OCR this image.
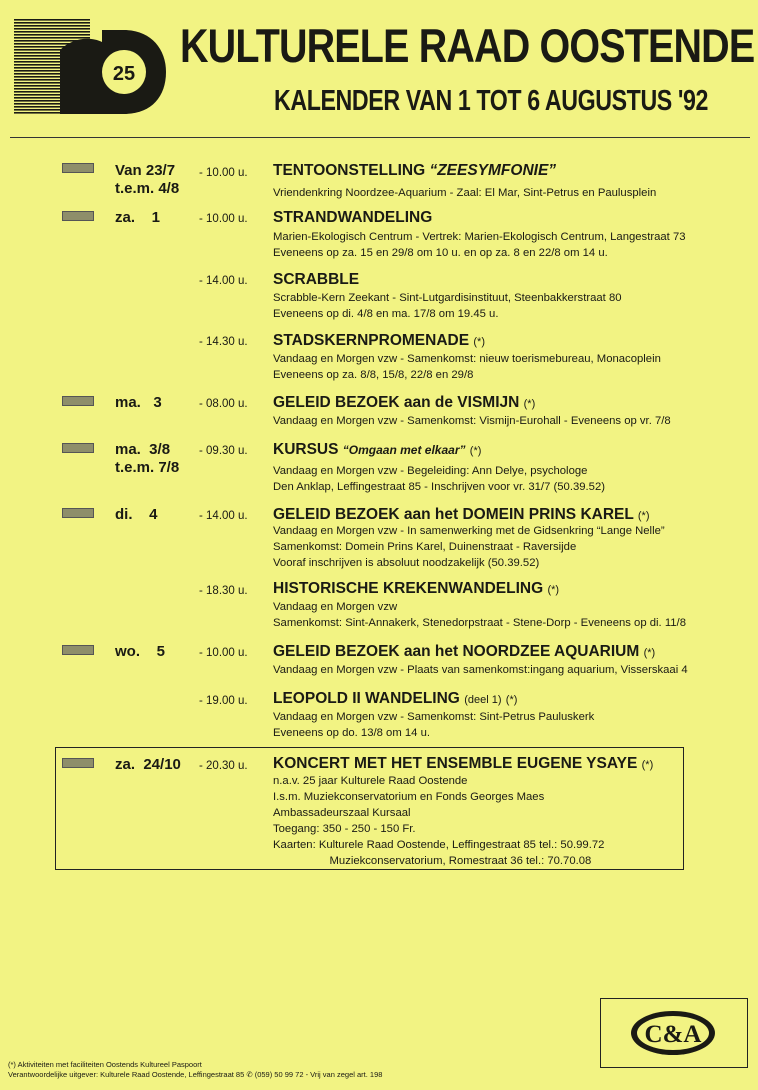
25
KULTURELE RAAD OOSTENDE
KALENDER VAN 1 TOT 6 AUGUSTUS '92
Van 23/7
t.e.m. 4/8
- 10.00 u. TENTOONSTELLING “ZEESYMFONIE”
Vriendenkring Noordzee-Aquarium - Zaal: El Mar, Sint-Petrus en Paulusplein
za.    1	- 10.00 u. STRANDWANDELING
Marien-Ekologisch Centrum - Vertrek: Marien-Ekologisch Centrum, Langestraat 73
Eveneens op za. 15 en 29/8 om 10 u. en op za. 8 en 22/8 om 14 u.
- 14.00 u. SCRABBLE
Scrabble-Kern Zeekant - Sint-Lutgardisinstituut, Steenbakkerstraat 80
Eveneens op di. 4/8 en ma. 17/8 om 19.45 u.
- 14.30 u. STADSKERNPROMENADE (*)
Vandaag en Morgen vzw - Samenkomst: nieuw toerismebureau, Monacoplein
Eveneens op za. 8/8, 15/8, 22/8 en 29/8
ma.   3	- 08.00 u. GELEID BEZOEK aan de VISMIJN (*)
Vandaag en Morgen vzw - Samenkomst: Vismijn-Eurohall - Eveneens op vr. 7/8
ma.  3/8
t.e.m. 7/8
- 09.30 u. KURSUS “Omgaan met elkaar” (*)
Vandaag en Morgen vzw - Begeleiding: Ann Delye, psychologe
Den Anklap, Leffingestraat 85 - Inschrijven voor vr. 31/7 (50.39.52)
di.    4	- 14.00 u. GELEID BEZOEK aan het DOMEIN PRINS KAREL (*)
Vandaag en Morgen vzw - In samenwerking met de Gidsenkring “Lange Nelle”
Samenkomst: Domein Prins Karel, Duinenstraat - Raversijde
Vooraf inschrijven is absoluut noodzakelijk (50.39.52)
- 18.30 u. HISTORISCHE KREKENWANDELING (*)
Vandaag en Morgen vzw
Samenkomst: Sint-Annakerk, Stenedorpstraat - Stene-Dorp - Eveneens op di. 11/8
wo.    5	- 10.00 u. GELEID BEZOEK aan het NOORDZEE AQUARIUM (*)
Vandaag en Morgen vzw - Plaats van samenkomst:ingang aquarium, Visserskaai 4
- 19.00 u. LEOPOLD II WANDELING (deel 1) (*)
Vandaag en Morgen vzw - Samenkomst: Sint-Petrus Pauluskerk
Eveneens op do. 13/8 om 14 u.
za.  24/10 - 20.30 u. KONCERT MET HET ENSEMBLE EUGENE YSAYE (*)
n.a.v. 25 jaar Kulturele Raad Oostende
I.s.m. Muziekconservatorium en Fonds Georges Maes
Ambassadeurszaal Kursaal
Toegang: 350 - 250 - 150 Fr.
Kaarten: Kulturele Raad Oostende, Leffingestraat 85 tel.: 50.99.72
Muziekconservatorium, Romestraat 36 tel.: 70.70.08
C&A
(*) Aktiviteiten met faciliteiten Oostends Kultureel Paspoort
Verantwoordelijke uitgever: Kulturele Raad Oostende, Leffingestraat 85 ✆ (059) 50 99 72 - Vrij van zegel art. 198
